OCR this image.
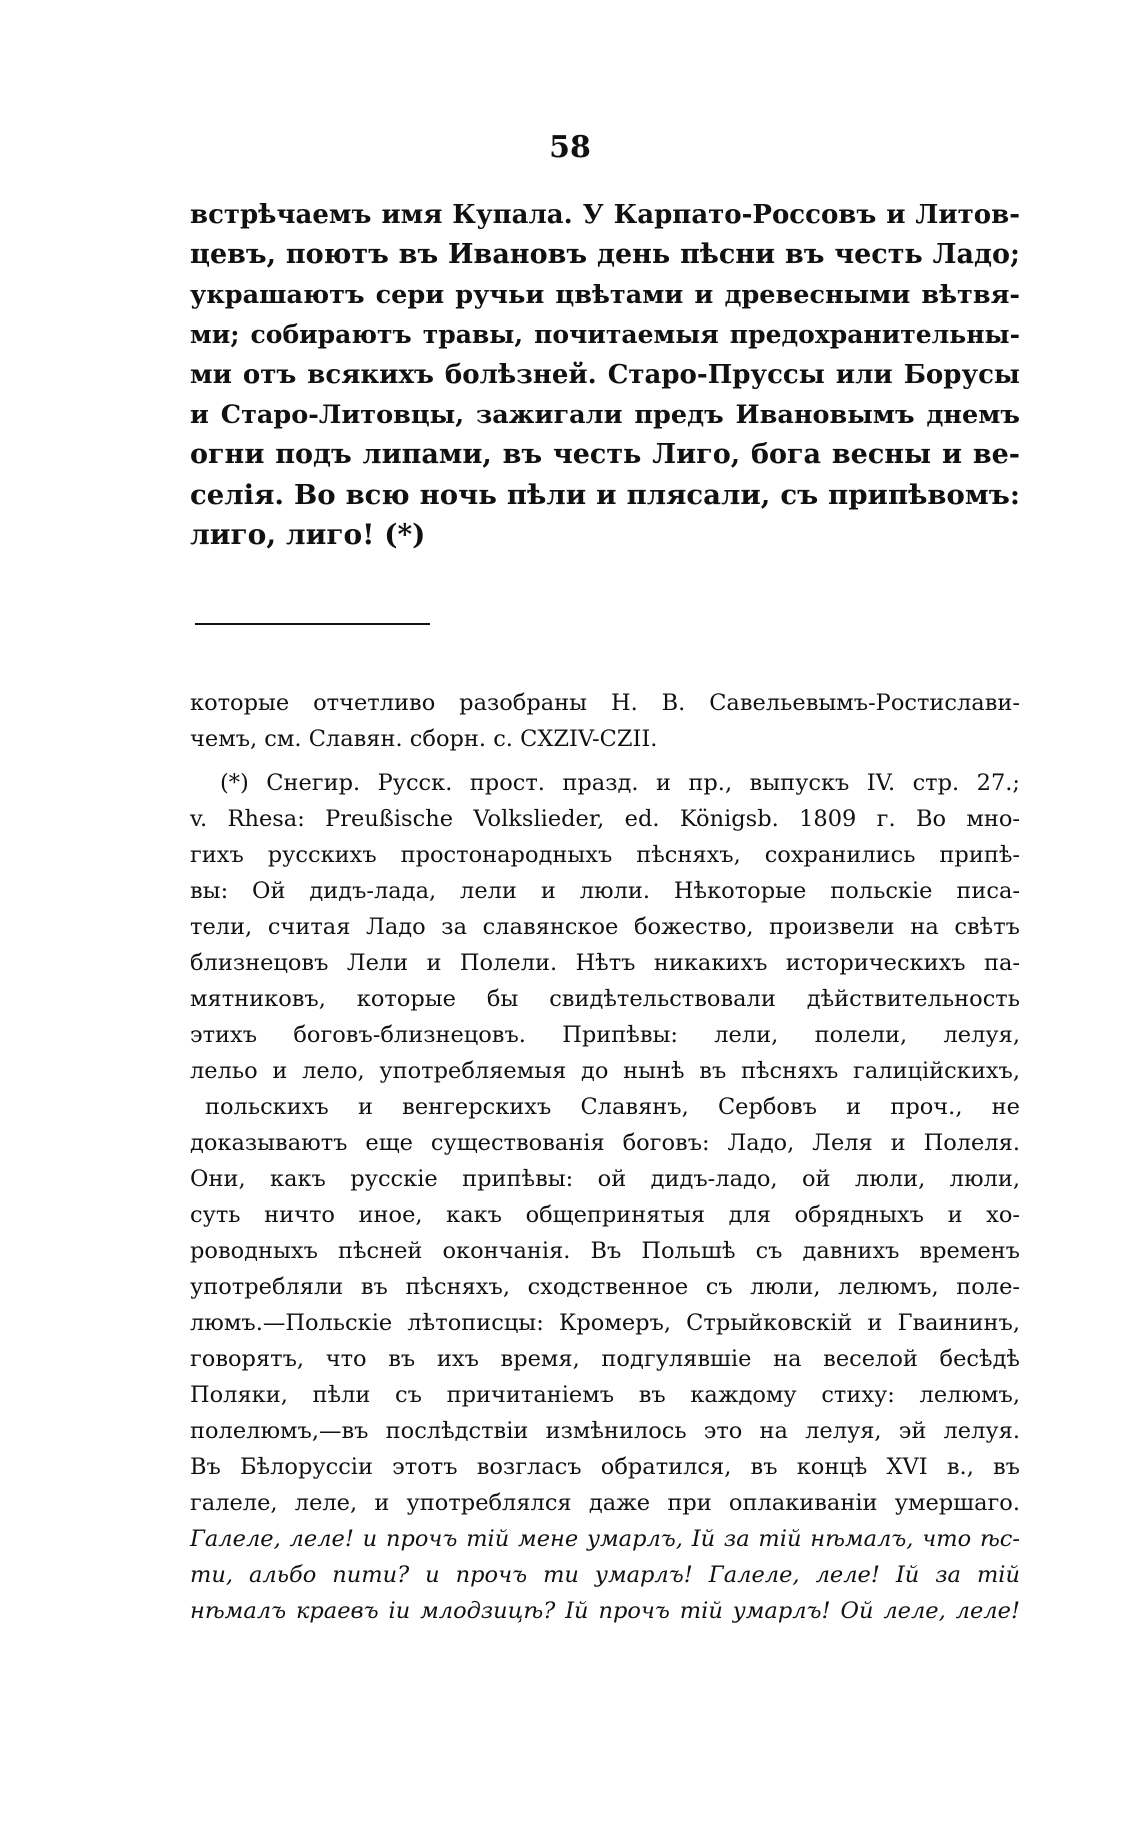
58
встрѣчаемъ имя Купала. У Карпато-Россовъ и Литов-
цевъ, поютъ въ Ивановъ день пѣсни въ честь Ладо;
украшаютъ сери ручьи цвѣтами и древесными вѣтвя-
ми; собираютъ травы, почитаемыя предохранительны-
ми отъ всякихъ болѣзней. Старо-Пруссы или Борусы
и Старо-Литовцы, зажигали предъ Ивановымъ днемъ
огни подъ липами, въ честь Лиго, бога весны и ве-
селія. Во всю ночь пѣли и плясали, съ припѣвомъ:
лиго, лиго! (*)
которые отчетливо разобраны Н. В. Савельевымъ-Ростислави-
чемъ, см. Славян. сборн. с. CXZIV-CZII.
(*) Снегир. Русск. прост. празд. и пр., выпускъ IV. стр. 27.;
v. Rhesa: Preußische Volkslieder, ed. Königsb. 1809 г. Во мно-
гихъ русскихъ простонародныхъ пѣсняхъ, сохранились припѣ-
вы: Ой дидъ-лада, лели и люли. Нѣкоторые польскіе писа-
тели, считая Ладо за славянское божество, произвели на свѣтъ
близнецовъ Лели и Полели. Нѣтъ никакихъ историческихъ па-
мятниковъ, которые бы свидѣтельствовали дѣйствительность
этихъ боговъ-близнецовъ. Припѣвы: лели, полели, лелуя,
лельо и лело, употребляемыя до нынѣ въ пѣсняхъ галиційскихъ,
польскихъ и венгерскихъ Славянъ, Сербовъ и проч., не
доказываютъ еще существованія боговъ: Ладо, Леля и Полеля.
Они, какъ русскіе припѣвы: ой дидъ-ладо, ой люли, люли,
суть ничто иное, какъ общепринятыя для обрядныхъ и хо-
роводныхъ пѣсней окончанія. Въ Польшѣ съ давнихъ временъ
употребляли въ пѣсняхъ, сходственное съ люли, лелюмъ, поле-
люмъ.—Польскіе лѣтописцы: Кромеръ, Стрыйковскій и Гваининъ,
говорятъ, что въ ихъ время, подгулявшіе на веселой бесѣдѣ
Поляки, пѣли съ причитаніемъ въ каждому стиху: лелюмъ,
полелюмъ,—въ послѣдствіи измѣнилось это на лелуя, эй лелуя.
Въ Бѣлоруссіи этотъ возгласъ обратился, въ концѣ XVI в., въ
галеле, леле, и употреблялся даже при оплакиваніи умершаго.
Галеле, леле! и прочъ тій мене умарлъ, Ій за тій нѣмалъ, что ѣс-
ти, альбо пити? и прочъ ти умарлъ! Галеле, леле! Ій за тій
нѣмалъ краевъ іи млодзицѣ? Ій прочъ тій умарлъ! Ой леле, леле!
